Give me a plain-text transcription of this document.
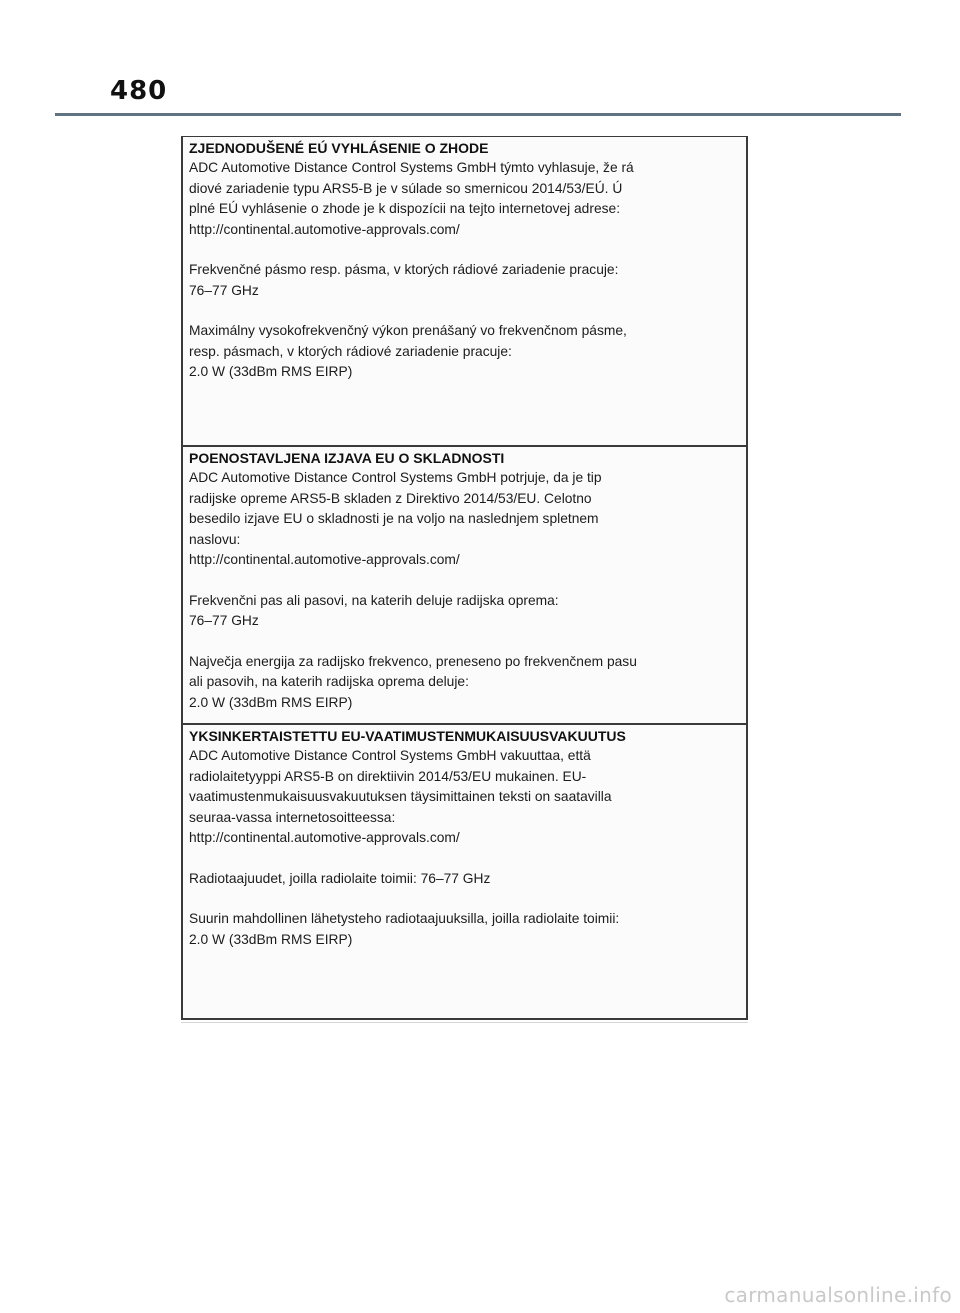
480
ZJEDNODUŠENÉ EÚ VYHLÁSENIE O ZHODE

ADC Automotive Distance Control Systems GmbH týmto vyhlasuje, že rá
diové zariadenie typu ARS5-B je v súlade so smernicou 2014/53/EÚ. Ú
plné EÚ vyhlásenie o zhode je k dispozícii na tejto internetovej adrese:
http://continental.automotive-approvals.com/

Frekvenčné pásmo resp. pásma, v ktorých rádiové zariadenie pracuje:
76–77 GHz

Maximálny vysokofrekvenčný výkon prenášaný vo frekvenčnom pásme,
resp. pásmach, v ktorých rádiové zariadenie pracuje:
2.0 W (33dBm RMS EIRP)

POENOSTAVLJENA IZJAVA EU O SKLADNOSTI

ADC Automotive Distance Control Systems GmbH potrjuje, da je tip
radijske opreme ARS5-B skladen z Direktivo 2014/53/EU. Celotno
besedilo izjave EU o skladnosti je na voljo na naslednjem spletnem
naslovu:
http://continental.automotive-approvals.com/

Frekvenčni pas ali pasovi, na katerih deluje radijska oprema:
76–77 GHz

Največja energija za radijsko frekvenco, preneseno po frekvenčnem pasu
ali pasovih, na katerih radijska oprema deluje:
2.0 W (33dBm RMS EIRP)

YKSINKERTAISTETTU EU-VAATIMUSTENMUKAISUUSVAKUUTUS

ADC Automotive Distance Control Systems GmbH vakuuttaa, että
radiolaitetyyppi ARS5-B on direktiivin 2014/53/EU mukainen. EU-
vaatimustenmukaisuusvakuutuksen täysimittainen teksti on saatavilla
seuraa-vassa internetosoitteessa:
http://continental.automotive-approvals.com/

Radiotaajuudet, joilla radiolaite toimii: 76–77 GHz

Suurin mahdollinen lähetysteho radiotaajuuksilla, joilla radiolaite toimii:
2.0 W (33dBm RMS EIRP)

carmanualsonline.info
